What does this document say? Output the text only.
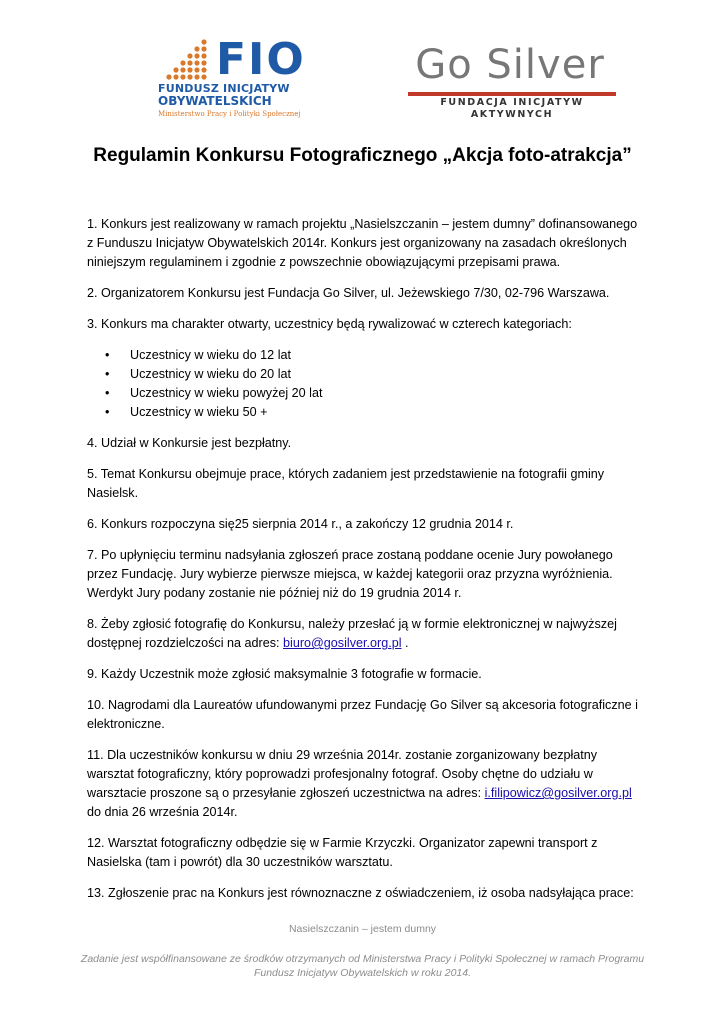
FIO
FUNDUSZ INICJATYW
OBYWATELSKICH
Ministerstwo Pracy i Polityki Społecznej
Go Silver
FUNDACJA INICJATYW AKTYWNYCH
Regulamin Konkursu Fotograficznego „Akcja foto-atrakcja”

1. Konkurs jest realizowany w ramach projektu „Nasielszczanin – jestem dumny” dofinansowanego z Funduszu Inicjatyw Obywatelskich 2014r. Konkurs jest organizowany na zasadach określonych niniejszym regulaminem i zgodnie z powszechnie obowiązującymi przepisami prawa.

2. Organizatorem Konkursu jest Fundacja Go Silver, ul. Jeżewskiego 7/30, 02-796 Warszawa.

3. Konkurs ma charakter otwarty, uczestnicy będą rywalizować w czterech kategoriach:

• Uczestnicy w wieku do 12 lat
• Uczestnicy w wieku do 20 lat
• Uczestnicy w wieku powyżej 20 lat
• Uczestnicy w wieku 50 +

4. Udział w Konkursie jest bezpłatny.

5. Temat Konkursu obejmuje prace, których zadaniem jest przedstawienie na fotografii gminy Nasielsk.

6. Konkurs rozpoczyna się25 sierpnia 2014 r., a zakończy 12 grudnia 2014 r.

7. Po upłynięciu terminu nadsyłania zgłoszeń prace zostaną poddane ocenie Jury powołanego przez Fundację. Jury wybierze pierwsze miejsca, w każdej kategorii oraz przyzna wyróżnienia. Werdykt Jury podany zostanie nie później niż do 19 grudnia 2014 r.

8. Żeby zgłosić fotografię do Konkursu, należy przesłać ją w formie elektronicznej w najwyższej dostępnej rozdzielczości na adres: biuro@gosilver.org.pl .

9. Każdy Uczestnik może zgłosić maksymalnie 3 fotografie w formacie.

10. Nagrodami dla Laureatów ufundowanymi przez Fundację Go Silver są akcesoria fotograficzne i elektroniczne.

11. Dla uczestników konkursu w dniu 29 września 2014r. zostanie zorganizowany bezpłatny warsztat fotograficzny, który poprowadzi profesjonalny fotograf. Osoby chętne do udziału w warsztacie proszone są o przesyłanie zgłoszeń uczestnictwa na adres: i.filipowicz@gosilver.org.pl do dnia 26 września 2014r.

12. Warsztat fotograficzny odbędzie się w Farmie Krzyczki. Organizator zapewni transport z Nasielska (tam i powrót) dla 30 uczestników warsztatu.

13. Zgłoszenie prac na Konkurs jest równoznaczne z oświadczeniem, iż osoba nadsyłająca prace:

Nasielszczanin – jestem dumny
Zadanie jest współfinansowane ze środków otrzymanych od Ministerstwa Pracy i Polityki Społecznej w ramach Programu Fundusz Inicjatyw Obywatelskich w roku 2014.
